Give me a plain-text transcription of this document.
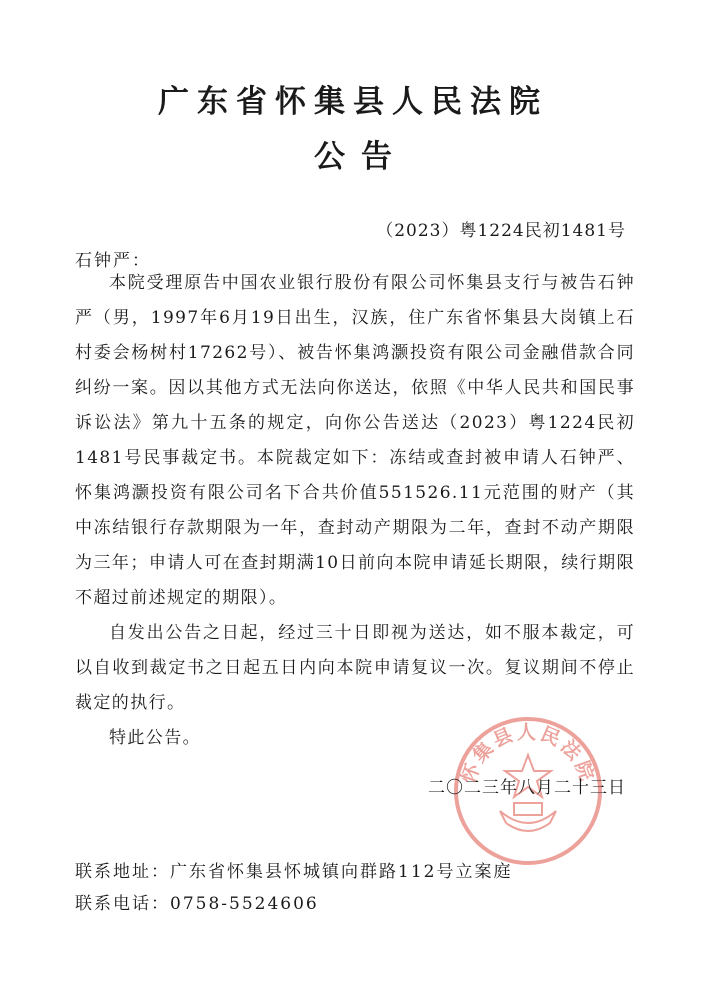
广东省怀集县人民法院
公告
（2023）粤1224民初1481号
石钟严：

本院受理原告中国农业银行股份有限公司怀集县支行与被告石钟严（男，1997年6月19日出生，汉族，住广东省怀集县大岗镇上石村委会杨树村17262号）、被告怀集鸿灏投资有限公司金融借款合同纠纷一案。因以其他方式无法向你送达，依照《中华人民共和国民事诉讼法》第九十五条的规定，向你公告送达（2023）粤1224民初1481号民事裁定书。本院裁定如下：冻结或查封被申请人石钟严、怀集鸿灏投资有限公司名下合共价值551526.11元范围的财产（其中冻结银行存款期限为一年，查封动产期限为二年，查封不动产期限为三年；申请人可在查封期满10日前向本院申请延长期限，续行期限不超过前述规定的期限）。

自发出公告之日起，经过三十日即视为送达，如不服本裁定，可以自收到裁定书之日起五日内向本院申请复议一次。复议期间不停止裁定的执行。

特此公告。

怀集县人民法院
二〇二三年八月二十三日
联系地址：广东省怀集县怀城镇向群路112号立案庭
联系电话：0758-5524606
